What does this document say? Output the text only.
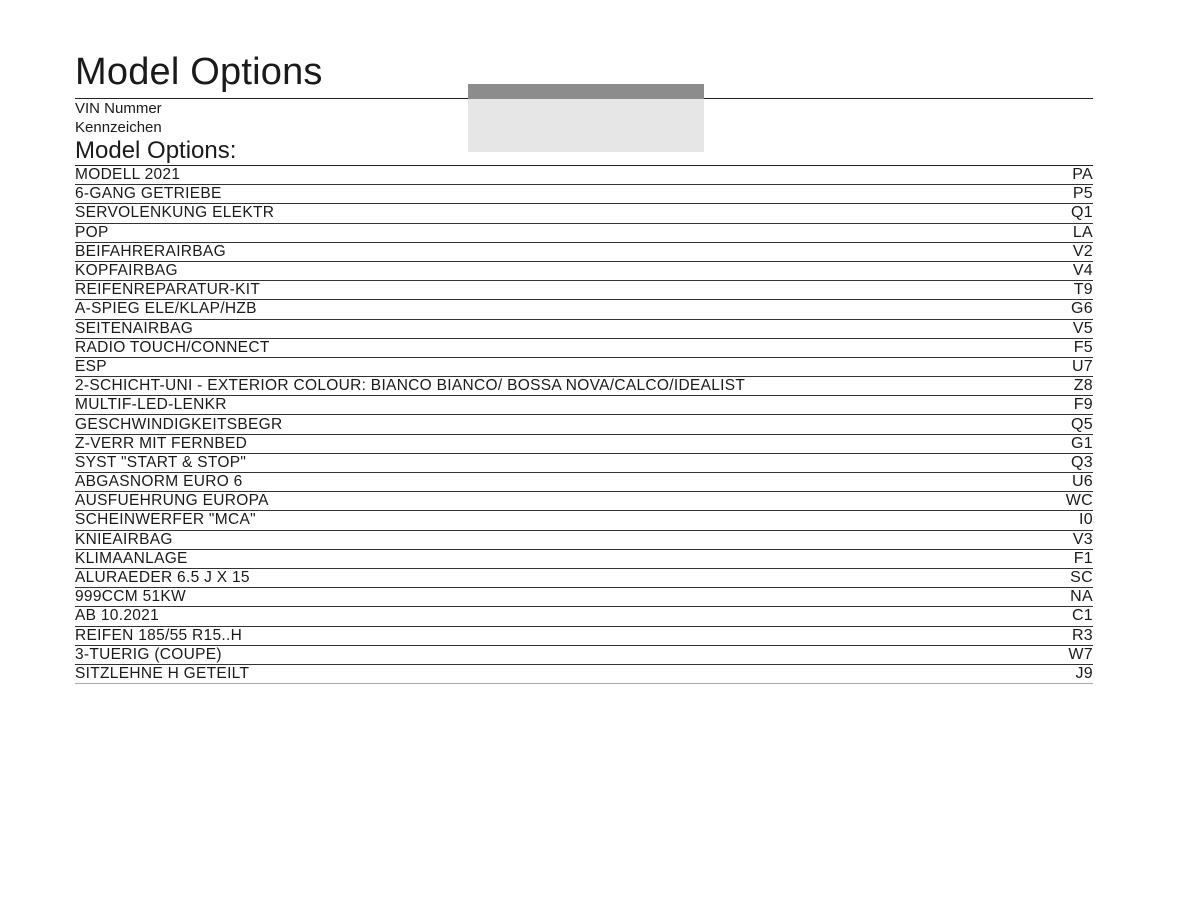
Model Options

VIN Nummer

Kennzeichen

Model Options:
MODELL 2021	PA
6-GANG GETRIEBE	P5
SERVOLENKUNG ELEKTR	Q1
POP	LA
BEIFAHRERAIRBAG	V2
KOPFAIRBAG	V4
REIFENREPARATUR-KIT	T9
A-SPIEG ELE/KLAP/HZB	G6
SEITENAIRBAG	V5
RADIO TOUCH/CONNECT	F5
ESP	U7
2-SCHICHT-UNI - EXTERIOR COLOUR: BIANCO BIANCO/ BOSSA NOVA/CALCO/IDEALIST	Z8
MULTIF-LED-LENKR	F9
GESCHWINDIGKEITSBEGR	Q5
Z-VERR MIT FERNBED	G1
SYST "START & STOP"	Q3
ABGASNORM EURO 6	U6
AUSFUEHRUNG EUROPA	WC
SCHEINWERFER "MCA"	I0
KNIEAIRBAG	V3
KLIMAANLAGE	F1
ALURAEDER 6.5 J X 15	SC
999CCM 51KW	NA
AB 10.2021	C1
REIFEN 185/55 R15..H	R3
3-TUERIG (COUPE)	W7
SITZLEHNE H GETEILT	J9
